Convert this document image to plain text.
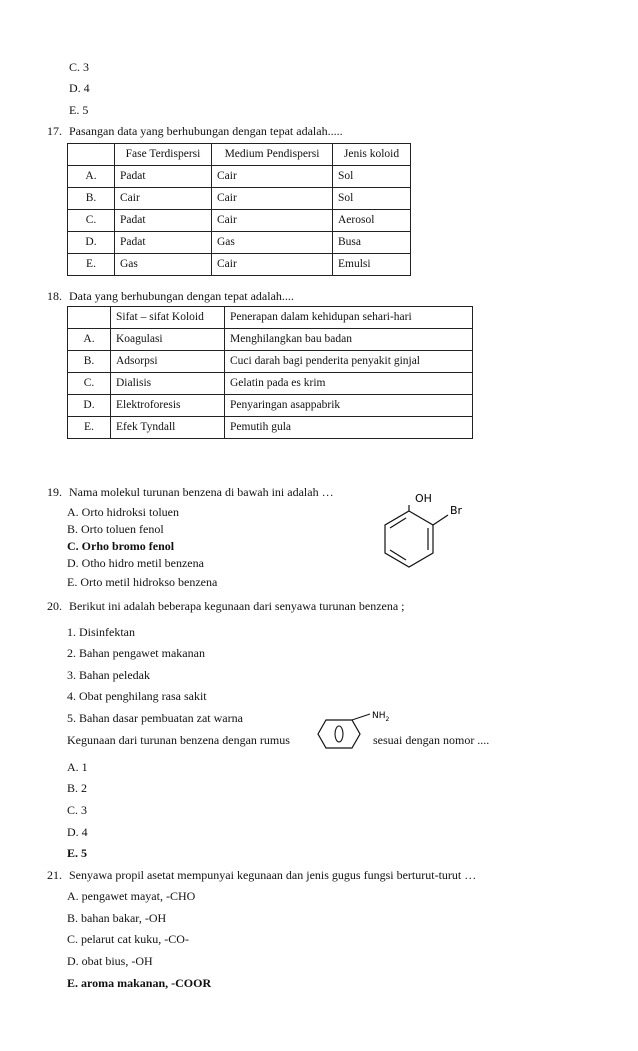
C. 3
D. 4
E. 5
17. Pasangan data yang berhubungan dengan tepat adalah.....
	Fase Terdispersi	Medium Pendispersi	Jenis koloid
A.	Padat	Cair	Sol
B.	Cair	Cair	Sol
C.	Padat	Cair	Aerosol
D.	Padat	Gas	Busa
E.	Gas	Cair	Emulsi
18. Data yang berhubungan dengan tepat adalah....
	Sifat – sifat Koloid	Penerapan dalam kehidupan sehari-hari
A.	Koagulasi	Menghilangkan bau badan
B.	Adsorpsi	Cuci darah bagi penderita penyakit ginjal
C.	Dialisis	Gelatin pada es krim
D.	Elektroforesis	Penyaringan asappabrik
E.	Efek Tyndall	Pemutih gula
19. Nama molekul turunan benzena di bawah ini adalah …
A. Orto hidroksi toluen
B. Orto toluen fenol
C. Orho bromo fenol
D. Otho hidro metil benzena
E. Orto metil hidrokso benzena
OH
Br
20. Berikut ini adalah beberapa kegunaan dari senyawa turunan benzena ;
1. Disinfektan
2. Bahan pengawet makanan
3. Bahan peledak
4. Obat penghilang rasa sakit
5. Bahan dasar pembuatan zat warna
Kegunaan dari turunan benzena dengan rumus	sesuai dengan nomor ....
$NH_2$
A. 1
B. 2
C. 3
D. 4
E. 5
21. Senyawa propil asetat mempunyai kegunaan dan jenis gugus fungsi berturut-turut …
A. pengawet mayat, -CHO
B. bahan bakar, -OH
C. pelarut cat kuku, -CO-
D. obat bius, -OH
E. aroma makanan, -COOR
